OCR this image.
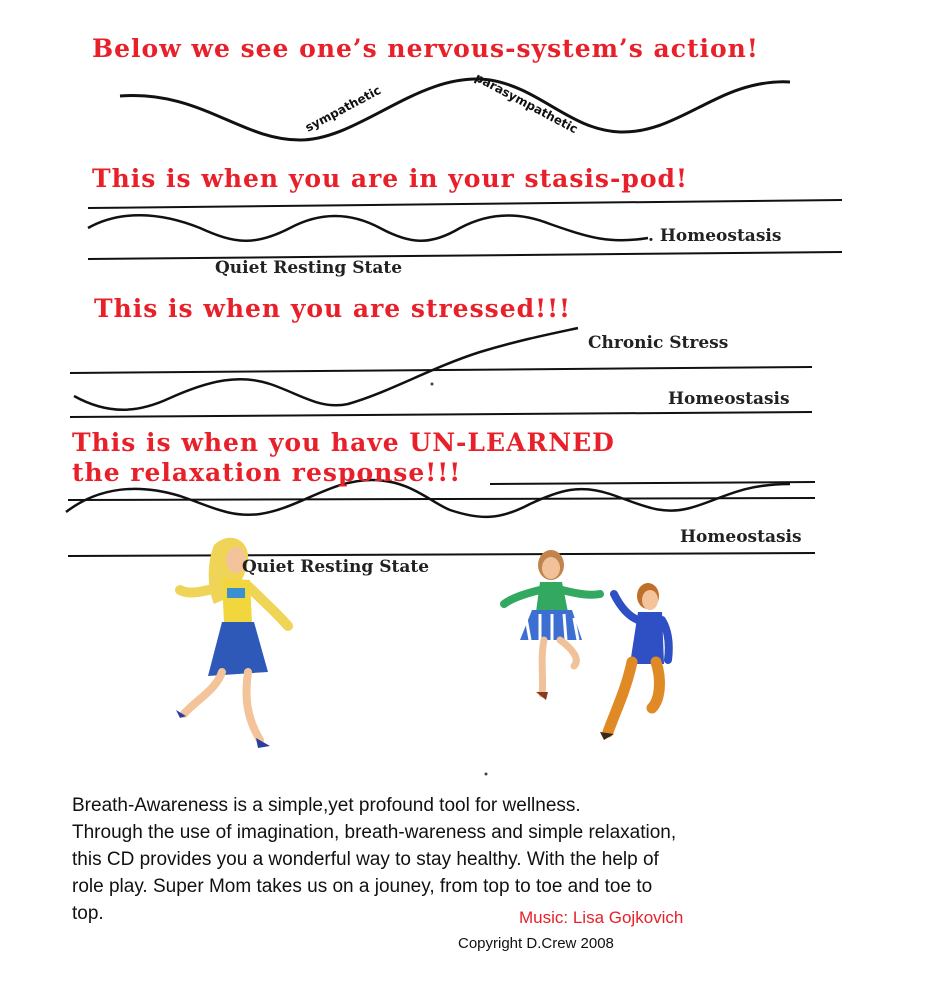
sympathetic	parasympathetic
Below we see one’s nervous-system’s action!
This is when you are in your stasis-pod!
. Homeostasis
Quiet Resting State
This is when you are stressed!!!
Chronic Stress
Homeostasis
This is when you have UN-LEARNED
the relaxation response!!!
Homeostasis
Quiet Resting State
Breath-Awareness is a simple,yet profound tool for wellness.
Through the use of imagination, breath-wareness and simple relaxation,
this CD provides you a wonderful way to stay healthy. With the help of
role play. Super Mom takes us on a jouney, from top to toe and toe to
top.	Music: Lisa Gojkovich
Copyright D.Crew 2008
